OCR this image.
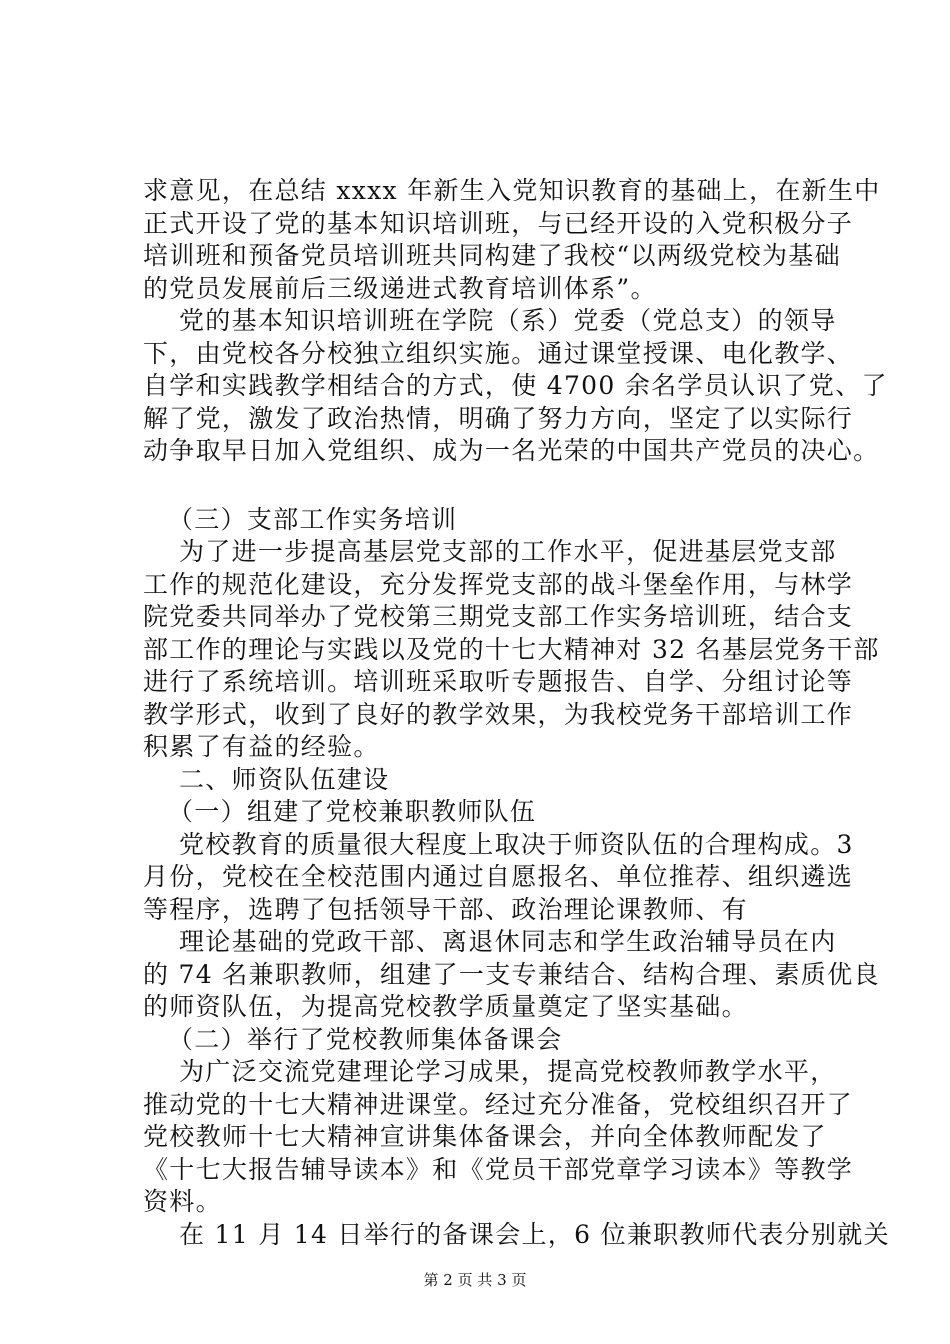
求意见，在总结 xxxx 年新生入党知识教育的基础上，在新生中
正式开设了党的基本知识培训班，与已经开设的入党积极分子
培训班和预备党员培训班共同构建了我校“以两级党校为基础
的党员发展前后三级递进式教育培训体系”。
党的基本知识培训班在学院（系）党委（党总支）的领导
下，由党校各分校独立组织实施。通过课堂授课、电化教学、
自学和实践教学相结合的方式，使 4700 余名学员认识了党、了
解了党，激发了政治热情，明确了努力方向，坚定了以实际行
动争取早日加入党组织、成为一名光荣的中国共产党员的决心。
（三）支部工作实务培训
为了进一步提高基层党支部的工作水平，促进基层党支部
工作的规范化建设，充分发挥党支部的战斗堡垒作用，与林学
院党委共同举办了党校第三期党支部工作实务培训班，结合支
部工作的理论与实践以及党的十七大精神对 32 名基层党务干部
进行了系统培训。培训班采取听专题报告、自学、分组讨论等
教学形式，收到了良好的教学效果，为我校党务干部培训工作
积累了有益的经验。
二、师资队伍建设
（一）组建了党校兼职教师队伍
党校教育的质量很大程度上取决于师资队伍的合理构成。3
月份，党校在全校范围内通过自愿报名、单位推荐、组织遴选
等程序，选聘了包括领导干部、政治理论课教师、有
理论基础的党政干部、离退休同志和学生政治辅导员在内
的 74 名兼职教师，组建了一支专兼结合、结构合理、素质优良
的师资队伍，为提高党校教学质量奠定了坚实基础。
（二）举行了党校教师集体备课会
为广泛交流党建理论学习成果，提高党校教师教学水平，
推动党的十七大精神进课堂。经过充分准备，党校组织召开了
党校教师十七大精神宣讲集体备课会，并向全体教师配发了
《十七大报告辅导读本》和《党员干部党章学习读本》等教学
资料。
在 11 月 14 日举行的备课会上，6 位兼职教师代表分别就关
第 2 页 共 3 页
